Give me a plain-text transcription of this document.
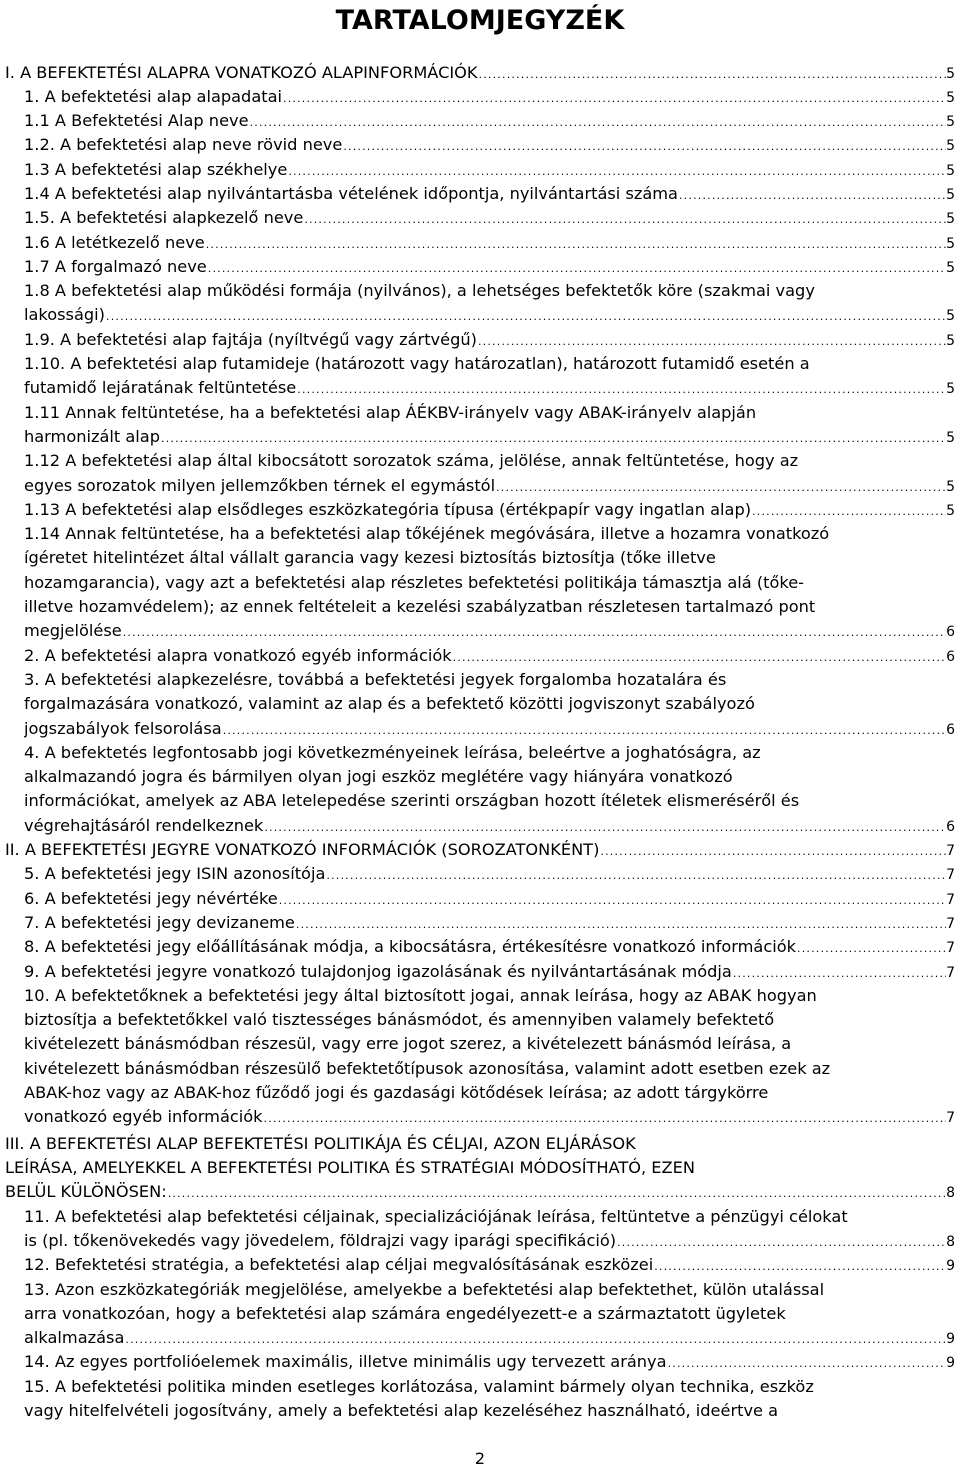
TARTALOMJEGYZÉK
I. A BEFEKTETÉSI ALAPRA VONATKOZÓ ALAPINFORMÁCIÓK .....	5
1. A befektetési alap alapadatai .....	5
1.1 A Befektetési Alap neve .....	5
1.2. A befektetési alap neve rövid neve .....	5
1.3 A befektetési alap székhelye .....	5
1.4 A befektetési alap nyilvántartásba vételének időpontja, nyilvántartási száma .....	5
1.5. A befektetési alapkezelő neve .....	5
1.6 A letétkezelő neve .....	5
1.7 A forgalmazó neve .....	5
1.8 A befektetési alap működési formája (nyilvános), a lehetséges befektetők köre (szakmai vagy
lakossági) .....	5
1.9. A befektetési alap fajtája (nyíltvégű vagy zártvégű) .....	5
1.10. A befektetési alap futamideje (határozott vagy határozatlan), határozott futamidő esetén a
futamidő lejáratának feltüntetése .....	5
1.11 Annak feltüntetése, ha a befektetési alap ÁÉKBV-irányelv vagy ABAK-irányelv alapján
harmonizált alap .....	5
1.12 A befektetési alap által kibocsátott sorozatok száma, jelölése, annak feltüntetése, hogy az
egyes sorozatok milyen jellemzőkben térnek el egymástól .....	5
1.13 A befektetési alap elsődleges eszközkategória típusa (értékpapír vagy ingatlan alap) .....	5
1.14 Annak feltüntetése, ha a befektetési alap tőkéjének megóvására, illetve a hozamra vonatkozó
ígéretet hitelintézet által vállalt garancia vagy kezesi biztosítás biztosítja (tőke illetve
hozamgarancia), vagy azt a befektetési alap részletes befektetési politikája támasztja alá (tőke-
illetve hozamvédelem); az ennek feltételeit a kezelési szabályzatban részletesen tartalmazó pont
megjelölése .....	6
2. A befektetési alapra vonatkozó egyéb információk .....	6
3. A befektetési alapkezelésre, továbbá a befektetési jegyek forgalomba hozatalára és
forgalmazására vonatkozó, valamint az alap és a befektető közötti jogviszonyt szabályozó
jogszabályok felsorolása .....	6
4. A befektetés legfontosabb jogi következményeinek leírása, beleértve a joghatóságra, az
alkalmazandó jogra és bármilyen olyan jogi eszköz meglétére vagy hiányára vonatkozó
információkat, amelyek az ABA letelepedése szerinti országban hozott ítéletek elismeréséről és
végrehajtásáról rendelkeznek .....	6
II. A BEFEKTETÉSI JEGYRE VONATKOZÓ INFORMÁCIÓK (SOROZATONKÉNT) .....	7
5. A befektetési jegy ISIN azonosítója .....	7
6. A befektetési jegy névértéke .....	7
7. A befektetési jegy devizaneme .....	7
8. A befektetési jegy előállításának módja, a kibocsátásra, értékesítésre vonatkozó információk .....	7
9. A befektetési jegyre vonatkozó tulajdonjog igazolásának és nyilvántartásának módja .....	7
10. A befektetőknek a befektetési jegy által biztosított jogai, annak leírása, hogy az ABAK hogyan
biztosítja a befektetőkkel való tisztességes bánásmódot, és amennyiben valamely befektető
kivételezett bánásmódban részesül, vagy erre jogot szerez, a kivételezett bánásmód leírása, a
kivételezett bánásmódban részesülő befektetőtípusok azonosítása, valamint adott esetben ezek az
ABAK-hoz vagy az ABAK-hoz fűződő jogi és gazdasági kötődések leírása; az adott tárgykörre
vonatkozó egyéb információk .....	7
III. A BEFEKTETÉSI ALAP BEFEKTETÉSI POLITIKÁJA ÉS CÉLJAI, AZON ELJÁRÁSOK
LEÍRÁSA, AMELYEKKEL A BEFEKTETÉSI POLITIKA ÉS STRATÉGIAI MÓDOSÍTHATÓ, EZEN
BELÜL KÜLÖNÖSEN: .....	8
11. A befektetési alap befektetési céljainak, specializációjának leírása, feltüntetve a pénzügyi célokat
is (pl. tőkenövekedés vagy jövedelem, földrajzi vagy iparági specifikáció) .....	8
12. Befektetési stratégia, a befektetési alap céljai megvalósításának eszközei .....	9
13. Azon eszközkategóriák megjelölése, amelyekbe a befektetési alap befektethet, külön utalással
arra vonatkozóan, hogy a befektetési alap számára engedélyezett-e a származtatott ügyletek
alkalmazása .....	9
14. Az egyes portfolióelemek maximális, illetve minimális ugy tervezett aránya .....	9
15. A befektetési politika minden esetleges korlátozása, valamint bármely olyan technika, eszköz
vagy hitelfelvételi jogosítvány, amely a befektetési alap kezeléséhez használható, ideértve a
2
